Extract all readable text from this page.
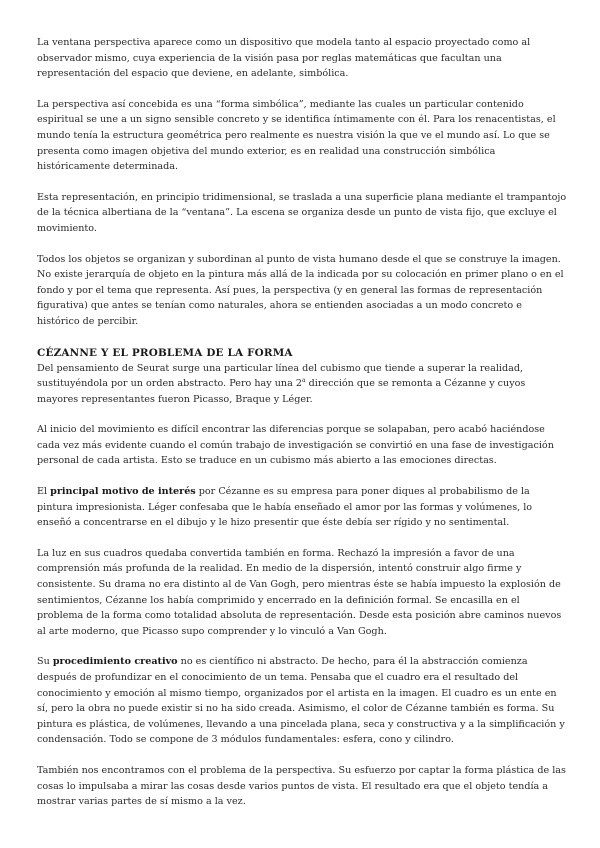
La ventana perspectiva aparece como un dispositivo que modela tanto al espacio proyectado como al observador mismo, cuya experiencia de la visión pasa por reglas matemáticas que facultan una representación del espacio que deviene, en adelante, simbólica.

La perspectiva así concebida es una “forma simbólica”, mediante las cuales un particular contenido espiritual se une a un signo sensible concreto y se identifica íntimamente con él. Para los renacentistas, el mundo tenía la estructura geométrica pero realmente es nuestra visión la que ve el mundo así. Lo que se presenta como imagen objetiva del mundo exterior, es en realidad una construcción simbólica históricamente determinada.

Esta representación, en principio tridimensional, se traslada a una superficie plana mediante el trampantojo de la técnica albertiana de la “ventana”. La escena se organiza desde un punto de vista fijo, que excluye el movimiento.

Todos los objetos se organizan y subordinan al punto de vista humano desde el que se construye la imagen. No existe jerarquía de objeto en la pintura más allá de la indicada por su colocación en primer plano o en el fondo y por el tema que representa. Así pues, la perspectiva (y en general las formas de representación figurativa) que antes se tenían como naturales, ahora se entienden asociadas a un modo concreto e histórico de percibir.

CÉZANNE Y EL PROBLEMA DE LA FORMA

Del pensamiento de Seurat surge una particular línea del cubismo que tiende a superar la realidad, sustituyéndola por un orden abstracto. Pero hay una 2$^a$ dirección que se remonta a Cézanne y cuyos mayores representantes fueron Picasso, Braque y Léger.

Al inicio del movimiento es difícil encontrar las diferencias porque se solapaban, pero acabó haciéndose cada vez más evidente cuando el común trabajo de investigación se convirtió en una fase de investigación personal de cada artista. Esto se traduce en un cubismo más abierto a las emociones directas.

El principal motivo de interés por Cézanne es su empresa para poner diques al probabilismo de la pintura impresionista. Léger confesaba que le había enseñado el amor por las formas y volúmenes, lo enseñó a concentrarse en el dibujo y le hizo presentir que éste debía ser rígido y no sentimental.

La luz en sus cuadros quedaba convertida también en forma. Rechazó la impresión a favor de una comprensión más profunda de la realidad. En medio de la dispersión, intentó construir algo firme y consistente. Su drama no era distinto al de Van Gogh, pero mientras éste se había impuesto la explosión de sentimientos, Cézanne los había comprimido y encerrado en la definición formal. Se encasilla en el problema de la forma como totalidad absoluta de representación. Desde esta posición abre caminos nuevos al arte moderno, que Picasso supo comprender y lo vinculó a Van Gogh.

Su procedimiento creativo no es científico ni abstracto. De hecho, para él la abstracción comienza después de profundizar en el conocimiento de un tema. Pensaba que el cuadro era el resultado del conocimiento y emoción al mismo tiempo, organizados por el artista en la imagen. El cuadro es un ente en sí, pero la obra no puede existir si no ha sido creada. Asimismo, el color de Cézanne también es forma. Su pintura es plástica, de volúmenes, llevando a una pincelada plana, seca y constructiva y a la simplificación y condensación. Todo se compone de 3 módulos fundamentales: esfera, cono y cilindro.

También nos encontramos con el problema de la perspectiva. Su esfuerzo por captar la forma plástica de las cosas lo impulsaba a mirar las cosas desde varios puntos de vista. El resultado era que el objeto tendía a mostrar varias partes de sí mismo a la vez.
